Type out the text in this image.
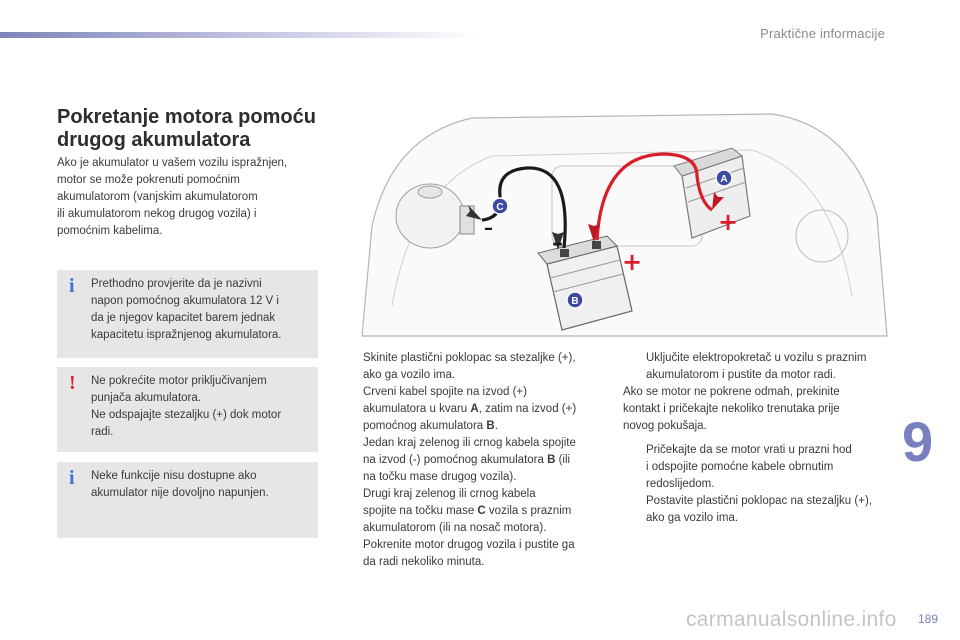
Praktične informacije
Pokretanje motora pomoću
drugog akumulatora

Ako je akumulator u vašem vozilu ispražnjen,
motor se može pokrenuti pomoćnim
akumulatorom (vanjskim akumulatorom
ili akumulatorom nekog drugog vozila) i
pomoćnim kabelima.

i Prethodno provjerite da je nazivni
napon pomoćnog akumulatora 12 V i
da je njegov kapacitet barem jednak
kapacitetu ispražnjenog akumulatora.

! Ne pokrećite motor priključivanjem
punjača akumulatora.
Ne odspajajte stezaljku (+) dok motor
radi.

i Neke funkcije nisu dostupne ako
akumulator nije dovoljno napunjen.

–
+
+
–
A
B
C
Skinite plastični poklopac sa stezaljke (+),
ako ga vozilo ima.
Crveni kabel spojite na izvod (+)
akumulatora u kvaru A, zatim na izvod (+)
pomoćnog akumulatora B.
Jedan kraj zelenog ili crnog kabela spojite
na izvod (-) pomoćnog akumulatora B (ili
na točku mase drugog vozila).
Drugi kraj zelenog ili crnog kabela
spojite na točku mase C vozila s praznim
akumulatorom (ili na nosač motora).
Pokrenite motor drugog vozila i pustite ga
da radi nekoliko minuta.
Uključite elektropokretač u vozilu s praznim
akumulatorom i pustite da motor radi.

Ako se motor ne pokrene odmah, prekinite
kontakt i pričekajte nekoliko trenutaka prije
novog pokušaja.

Pričekajte da se motor vrati u prazni hod
i odspojite pomoćne kabele obrnutim
redoslijedom.
Postavite plastični poklopac na stezaljku (+),
ako ga vozilo ima.
9
carmanualsonline.info 189
